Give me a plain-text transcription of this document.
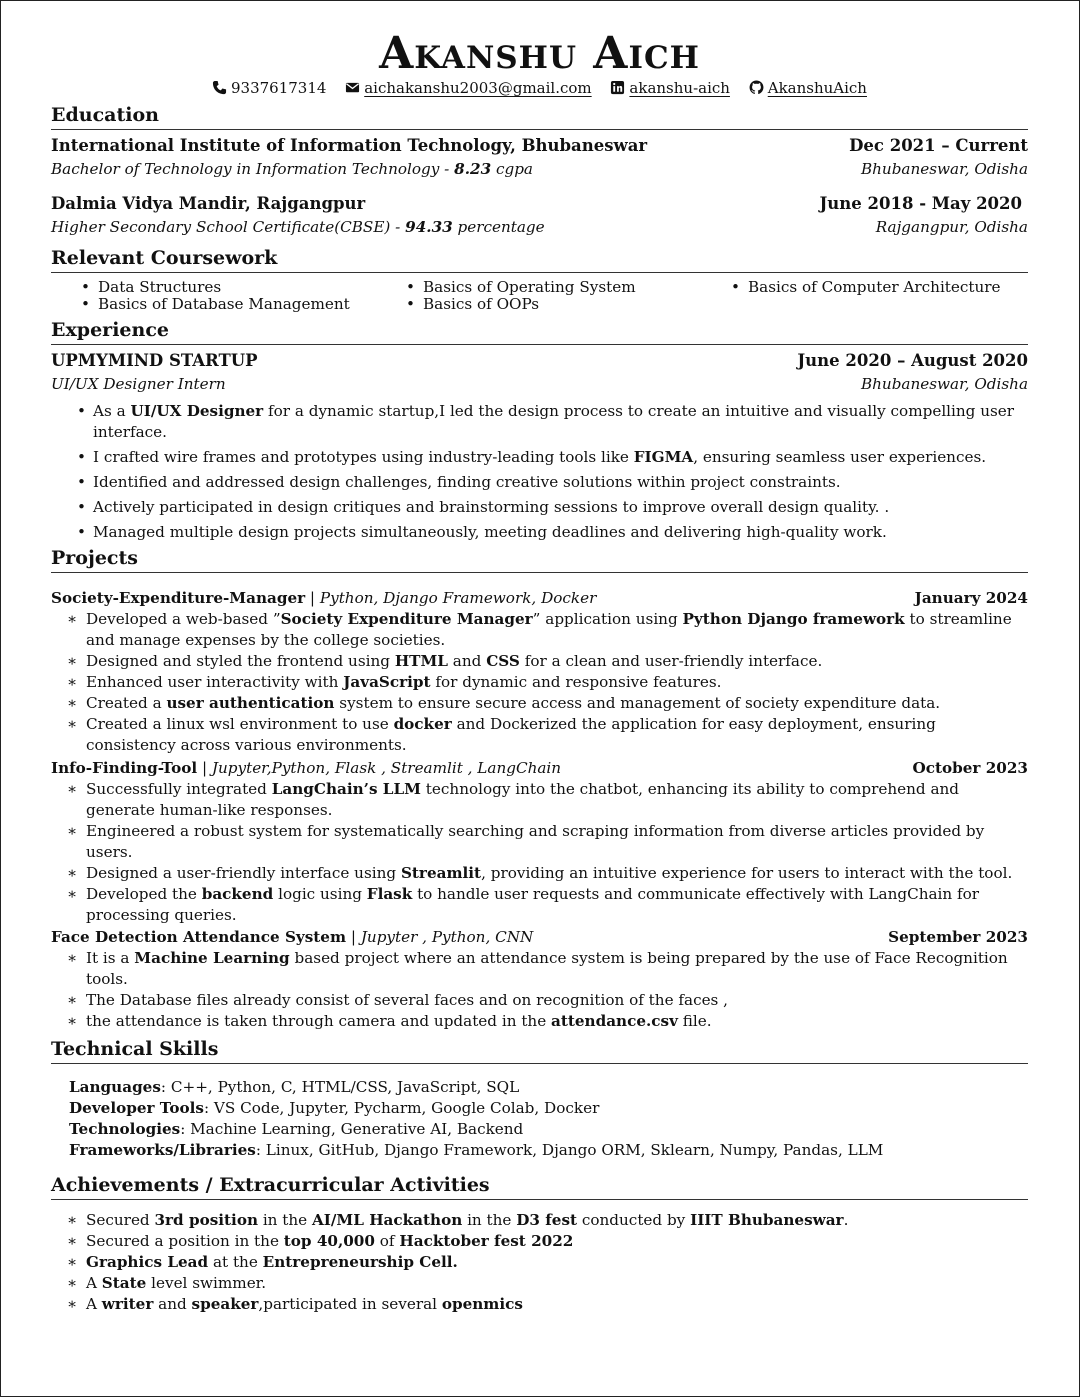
Akanshu Aich
9337617314	aichakanshu2003@gmail.com	akanshu-aich	AkanshuAich
Education
International Institute of Information Technology, Bhubaneswar	Dec 2021 – Current
Bachelor of Technology in Information Technology - 8.23 cgpa	Bhubaneswar, Odisha
Dalmia Vidya Mandir, Rajgangpur	June 2018 - May 2020
Higher Secondary School Certificate(CBSE) - 94.33 percentage	Rajgangpur, Odisha
Relevant Coursework
• Data Structures	• Basics of Operating System	• Basics of Computer Architecture
• Basics of Database Management	• Basics of OOPs
Experience
UPMYMIND STARTUP	June 2020 – August 2020
UI/UX Designer Intern	Bhubaneswar, Odisha
• As a UI/UX Designer for a dynamic startup,I led the design process to create an intuitive and visually compelling user interface.
• I crafted wire frames and prototypes using industry-leading tools like FIGMA, ensuring seamless user experiences.
• Identified and addressed design challenges, finding creative solutions within project constraints.
• Actively participated in design critiques and brainstorming sessions to improve overall design quality. .
• Managed multiple design projects simultaneously, meeting deadlines and delivering high-quality work.
Projects
Society-Expenditure-Manager | Python, Django Framework, Docker	January 2024
∗ Developed a web-based ”Society Expenditure Manager” application using Python Django framework to streamline and manage expenses by the college societies.
∗ Designed and styled the frontend using HTML and CSS for a clean and user-friendly interface.
∗ Enhanced user interactivity with JavaScript for dynamic and responsive features.
∗ Created a user authentication system to ensure secure access and management of society expenditure data.
∗ Created a linux wsl environment to use docker and Dockerized the application for easy deployment, ensuring consistency across various environments.
Info-Finding-Tool | Jupyter,Python, Flask , Streamlit , LangChain	October 2023
∗ Successfully integrated LangChain’s LLM technology into the chatbot, enhancing its ability to comprehend and generate human-like responses.
∗ Engineered a robust system for systematically searching and scraping information from diverse articles provided by users.
∗ Designed a user-friendly interface using Streamlit, providing an intuitive experience for users to interact with the tool.
∗ Developed the backend logic using Flask to handle user requests and communicate effectively with LangChain for processing queries.
Face Detection Attendance System | Jupyter , Python, CNN	September 2023
∗ It is a Machine Learning based project where an attendance system is being prepared by the use of Face Recognition tools.
∗ The Database files already consist of several faces and on recognition of the faces ,
∗ the attendance is taken through camera and updated in the attendance.csv file.
Technical Skills
Languages: C++, Python, C, HTML/CSS, JavaScript, SQL
Developer Tools: VS Code, Jupyter, Pycharm, Google Colab, Docker
Technologies: Machine Learning, Generative AI, Backend
Frameworks/Libraries: Linux, GitHub, Django Framework, Django ORM, Sklearn, Numpy, Pandas, LLM
Achievements / Extracurricular Activities
∗ Secured 3rd position in the AI/ML Hackathon in the D3 fest conducted by IIIT Bhubaneswar.
∗ Secured a position in the top 40,000 of Hacktober fest 2022
∗ Graphics Lead at the Entrepreneurship Cell.
∗ A State level swimmer.
∗ A writer and speaker,participated in several openmics
